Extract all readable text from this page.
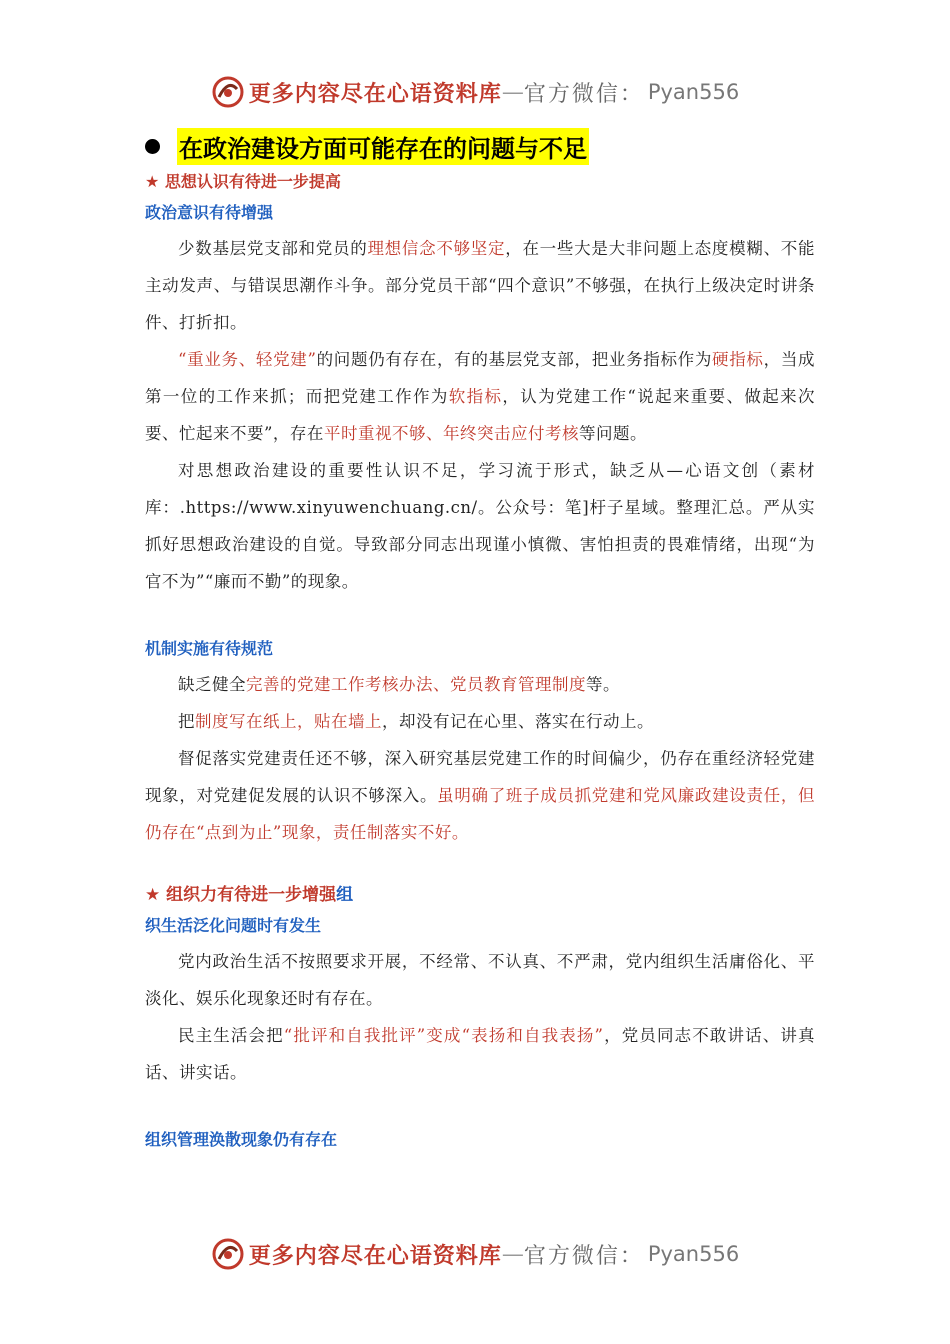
更多内容尽在心语资料库 — 官方微信： Pyan556
在政治建设方面可能存在的问题与不足
★ 思想认识有待进一步提高
政治意识有待增强

少数基层党支部和党员的理想信念不够坚定，在一些大是大非问题上态度模糊、不能主动发声、与错误思潮作斗争。部分党员干部“四个意识”不够强，在执行上级决定时讲条件、打折扣。

“重业务、轻党建”的问题仍有存在，有的基层党支部，把业务指标作为硬指标，当成第一位的工作来抓；而把党建工作作为软指标，认为党建工作“说起来重要、做起来次要、忙起来不要”，存在平时重视不够、年终突击应付考核等问题。

对思想政治建设的重要性认识不足，学习流于形式，缺乏从—心语文创（素材库：.https://www.xinyuwenchuang.cn/。公众号：笔]杅子星域。整理汇总。严从实抓好思想政治建设的自觉。导致部分同志出现谨小慎微、害怕担责的畏难情绪，出现“为官不为”“廉而不勤”的现象。

机制实施有待规范

缺乏健全完善的党建工作考核办法、党员教育管理制度等。

把制度写在纸上，贴在墙上，却没有记在心里、落实在行动上。

督促落实党建责任还不够，深入研究基层党建工作的时间偏少，仍存在重经济轻党建现象，对党建促发展的认识不够深入。虽明确了班子成员抓党建和党风廉政建设责任，但仍存在“点到为止”现象，责任制落实不好。

★ 组织力有待进一步增强组
织生活泛化问题时有发生

党内政治生活不按照要求开展，不经常、不认真、不严肃，党内组织生活庸俗化、平淡化、娱乐化现象还时有存在。

民主生活会把“批评和自我批评”变成“表扬和自我表扬”，党员同志不敢讲话、讲真话、讲实话。

组织管理涣散现象仍有存在
更多内容尽在心语资料库 — 官方微信： Pyan556
